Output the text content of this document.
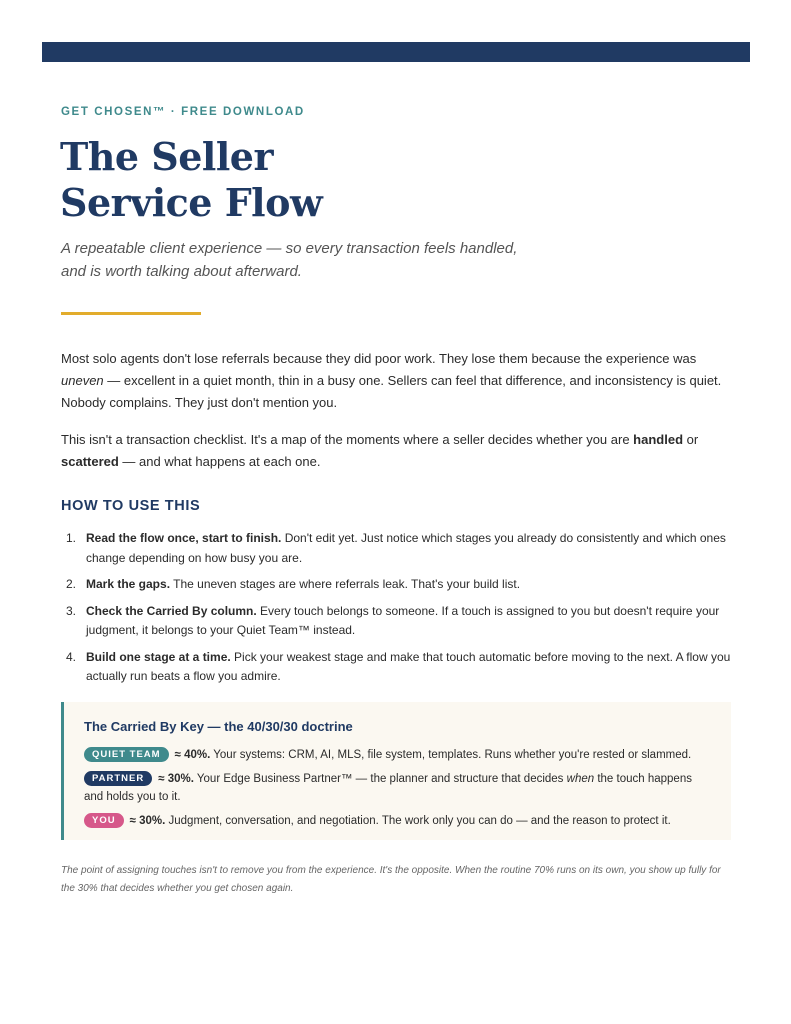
GET CHOSEN™ · FREE DOWNLOAD
The Seller
Service Flow
A repeatable client experience — so every transaction feels handled,
and is worth talking about afterward.

Most solo agents don't lose referrals because they did poor work. They lose them because the experience was uneven — excellent in a quiet month, thin in a busy one. Sellers can feel that difference, and inconsistency is quiet. Nobody complains. They just don't mention you.

This isn't a transaction checklist. It's a map of the moments where a seller decides whether you are handled or scattered — and what happens at each one.

HOW TO USE THIS
1. Read the flow once, start to finish. Don't edit yet. Just notice which stages you already do consistently and which ones change depending on how busy you are.
2. Mark the gaps. The uneven stages are where referrals leak. That's your build list.
3. Check the Carried By column. Every touch belongs to someone. If a touch is assigned to you but doesn't require your judgment, it belongs to your Quiet Team™ instead.
4. Build one stage at a time. Pick your weakest stage and make that touch automatic before moving to the next. A flow you actually run beats a flow you admire.
The Carried By Key — the 40/30/30 doctrine
QUIET TEAM ≈ 40%. Your systems: CRM, AI, MLS, file system, templates. Runs whether you're rested or slammed.
PARTNER ≈ 30%. Your Edge Business Partner™ — the planner and structure that decides when the touch happens and holds you to it.
YOU ≈ 30%. Judgment, conversation, and negotiation. The work only you can do — and the reason to protect it.
The point of assigning touches isn't to remove you from the experience. It's the opposite. When the routine 70% runs on its own, you show up fully for the 30% that decides whether you get chosen again.
